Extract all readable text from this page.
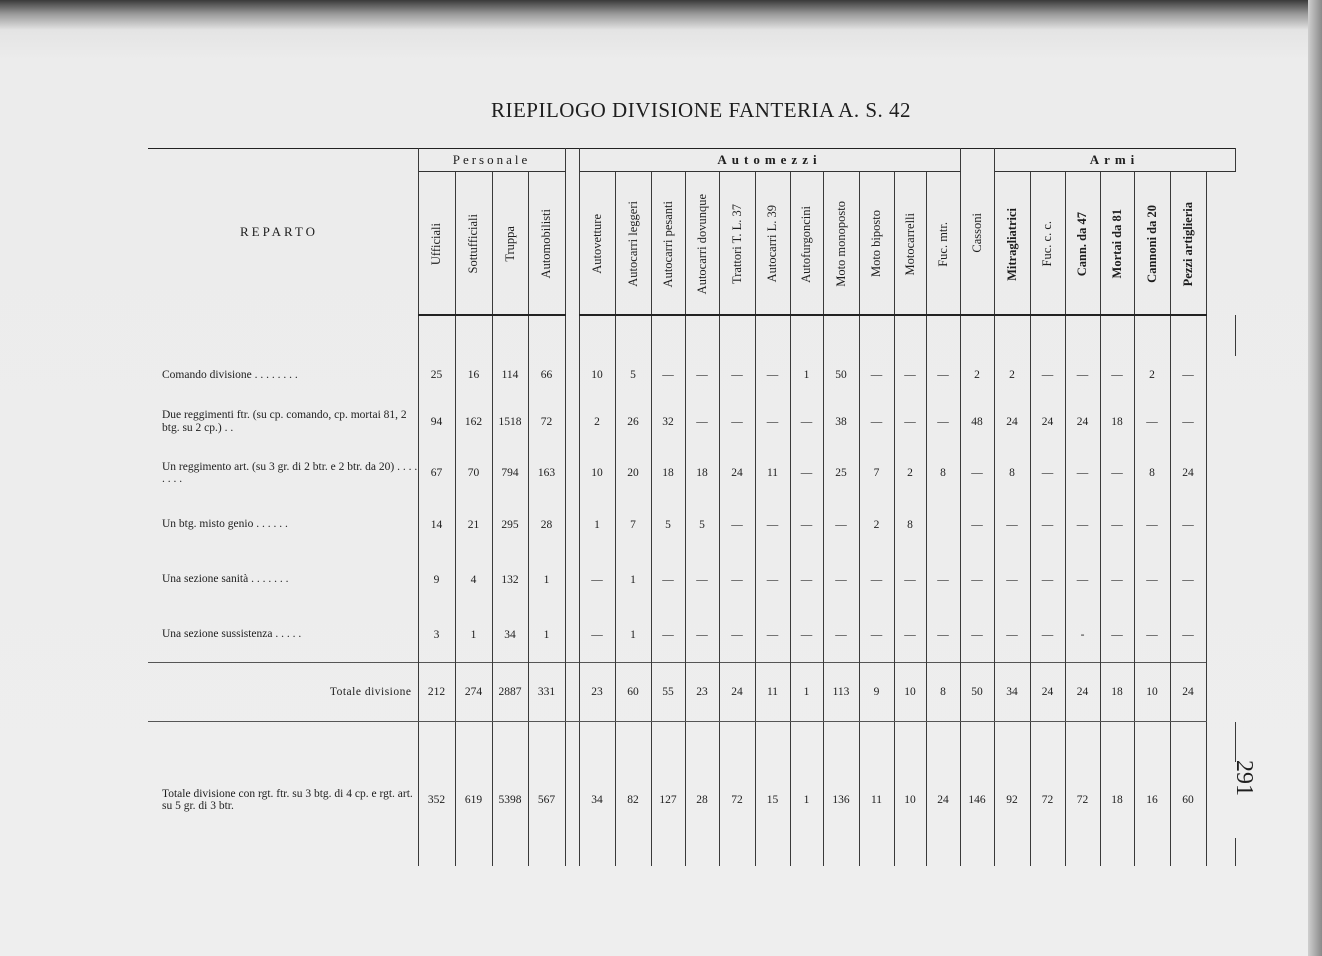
RIEPILOGO DIVISIONE FANTERIA A. S. 42
291
REPARTO	Personale					Automezzi											Cassoni	Armi						
	Ufficiali	Sottufficiali	Truppa	Automobilisti		Autovetture	Autocarri leggeri	Autocarri pesanti	Autocarri dovunque	Trattori T. L. 37	Autocarri L. 39	Autofurgoncini	Moto monoposto	Moto biposto	Motocarrelli	Fuc. mtr.		Mitragliatrici	Fuc. c. c.	Cann. da 47	Mortai da 81	Cannoni da 20	Pezzi artiglieria	

Comando divisione . . . . . . . .	25	16	114	66		10	5	—	—	—	—	1	50	—	—	—	2	2	—	—	—	2	—	
Due reggimenti ftr. (su cp. comando, cp. mortai 81, 2 btg. su 2 cp.) . .	94	162	1518	72		2	26	32	—	—	—	—	38	—	—	—	48	24	24	24	18	—	—	
Un reggimento art. (su 3 gr. di 2 btr. e 2 btr. da 20) . . . . . . . .	67	70	794	163		10	20	18	18	24	11	—	25	7	2	8	—	8	—	—	—	8	24	
Un btg. misto genio . . . . . .	14	21	295	28		1	7	5	5	—	—	—	—	2	8		—	—	—	—	—	—	—	
Una sezione sanità . . . . . . .	9	4	132	1		—	1	—	—	—	—	—	—	—	—	—	—	—	—	—	—	—	—	
Una sezione sussistenza . . . . .	3	1	34	1		—	1	—	—	—	—	—	—	—	—	—	—	—	—	-	—	—	—	
Totale divisione	212	274	2887	331		23	60	55	23	24	11	1	113	9	10	8	50	34	24	24	18	10	24	

Totale divisione con rgt. ftr. su 3 btg. di 4 cp. e rgt. art. su 5 gr. di 3 btr.	352	619	5398	567		34	82	127	28	72	15	1	136	11	10	24	146	92	72	72	18	16	60	
